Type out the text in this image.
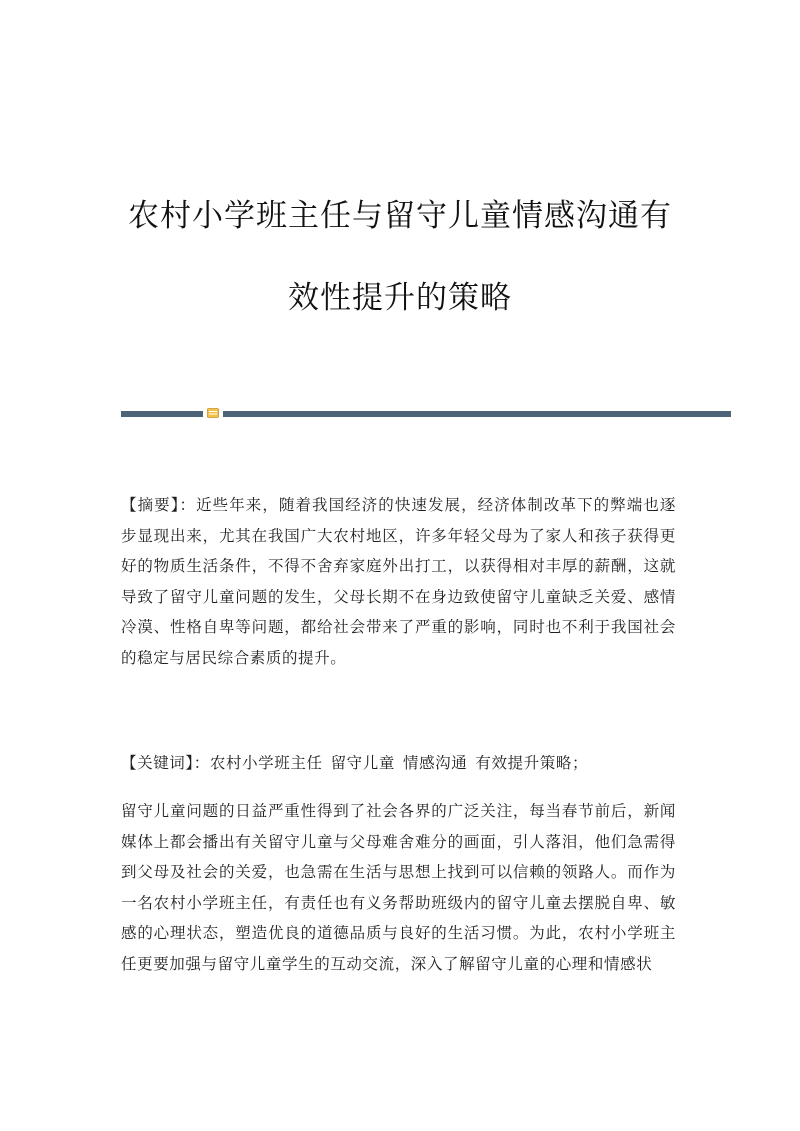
农村小学班主任与留守儿童情感沟通有
效性提升的策略

【摘要】：近些年来，随着我国经济的快速发展，经济体制改革下的弊端也逐步显现出来，尤其在我国广大农村地区，许多年轻父母为了家人和孩子获得更好的物质生活条件，不得不舍弃家庭外出打工，以获得相对丰厚的薪酬，这就导致了留守儿童问题的发生，父母长期不在身边致使留守儿童缺乏关爱、感情冷漠、性格自卑等问题，都给社会带来了严重的影响，同时也不利于我国社会的稳定与居民综合素质的提升。

【关键词】：农村小学班主任 留守儿童 情感沟通 有效提升策略；

留守儿童问题的日益严重性得到了社会各界的广泛关注，每当春节前后，新闻媒体上都会播出有关留守儿童与父母难舍难分的画面，引人落泪，他们急需得到父母及社会的关爱，也急需在生活与思想上找到可以信赖的领路人。而作为一名农村小学班主任，有责任也有义务帮助班级内的留守儿童去摆脱自卑、敏感的心理状态，塑造优良的道德品质与良好的生活习惯。为此，农村小学班主任更要加强与留守儿童学生的互动交流，深入了解留守儿童的心理和情感状
